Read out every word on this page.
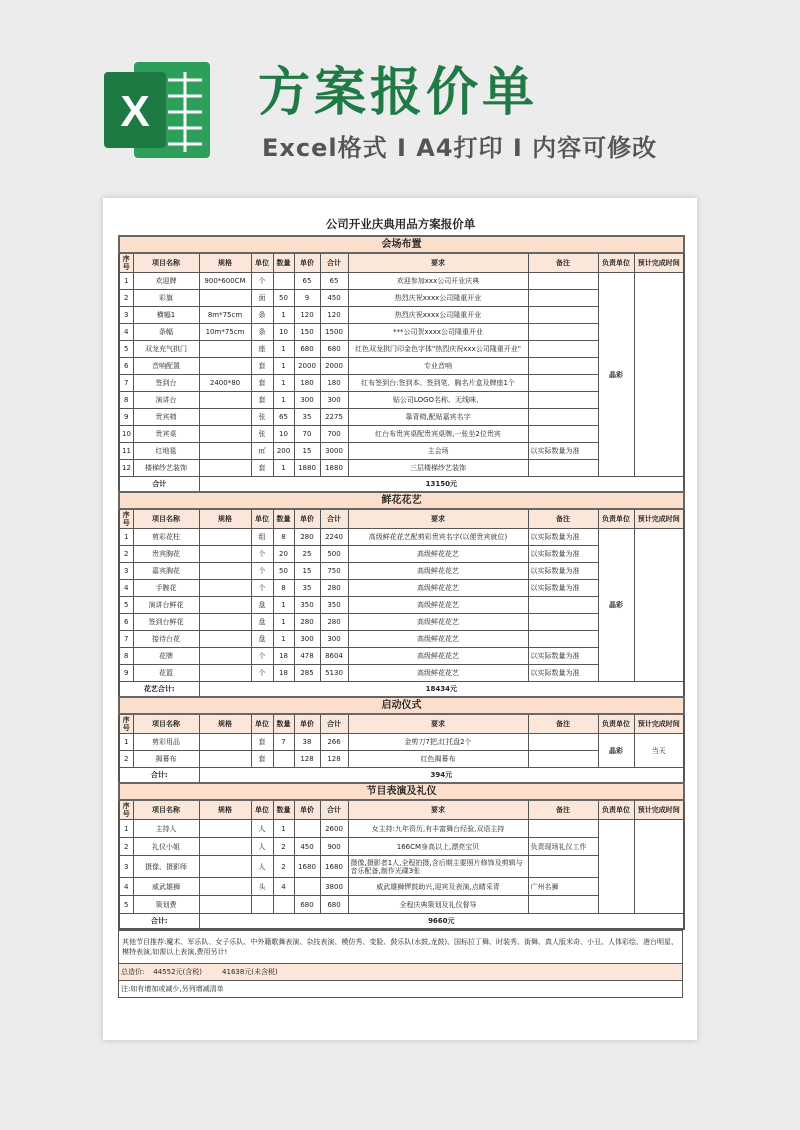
X 方案报价单
Excel格式 Ⅰ A4打印 Ⅰ 内容可修改
公司开业庆典用品方案报价单
会场布置										
序号	项目名称	规格	单位	数量	单价	合计	要求	备注	负责单位	预计完成时间
1	欢迎牌	900*600CM	个		65	65	欢迎参加xxx公司开业庆典		晶彩	
2	彩旗		面	50	9	450	热烈庆祝xxxx公司隆重开业			
3	横幅1	8m*75cm	条	1	120	120	热烈庆祝xxxx公司隆重开业			
4	条幅	10m*75cm	条	10	150	1500	***公司贺xxxx公司隆重开业			
5	双龙充气拱门		座	1	680	680	红色双龙拱门印金色字体"热烈庆祝xxx公司隆重开业"			
6	音响配置		套	1	2000	2000	专业音响			
7	签到台	2400*80	套	1	180	180	红布签到台:签到本、签到笔、胸名片盒及牌座1个			
8	演讲台		套	1	300	300	贴公司LOGO名称、无线咪、			
9	贵宾椅		张	65	35	2275	靠背椅,配贴嘉宾名字			
10	贵宾桌		张	10	70	700	红台布贵宾桌配贵宾桌牌,一张坐2位贵宾			
11	红地毯		㎡	200	15	3000	主会场	以实际数量为准		
12	楼梯纱艺装饰		套	1	1880	1880	三层楼梯纱艺装饰			
合计		13150元								
鲜花花艺										
序号	项目名称	规格	单位	数量	单价	合计	要求	备注	负责单位	预计完成时间
1	剪彩花柱		组	8	280	2240	高级鲜花花艺配剪彩贵宾名字(以便贵宾就位)	以实际数量为准	晶彩	
2	贵宾胸花		个	20	25	500	高级鲜花花艺	以实际数量为准		
3	嘉宾胸花		个	50	15	750	高级鲜花花艺	以实际数量为准		
4	手腕花		个	8	35	280	高级鲜花花艺	以实际数量为准		
5	演讲台鲜花		盘	1	350	350	高级鲜花花艺			
6	签到台鲜花		盘	1	280	280	高级鲜花花艺			
7	接待台花		盘	1	300	300	高级鲜花花艺			
8	花牌		个	18	478	8604	高级鲜花花艺	以实际数量为准		
9	花篮		个	18	285	5130	高级鲜花花艺	以实际数量为准		
花艺合计:		18434元								
启动仪式										
序号	项目名称	规格	单位	数量	单价	合计	要求	备注	负责单位	预计完成时间
1	剪彩用品		套	7	38	266	金剪刀7把,红托盘2个		晶彩	当天
2	揭幕布		套		128	128	红色揭幕布			
合计:		394元								
节目表演及礼仪										
序号	项目名称	规格	单位	数量	单价	合计	要求	备注	负责单位	预计完成时间
1	主持人		人	1		2600	女主持:九年资历,有丰富舞台经验,双语主持			
2	礼仪小姐		人	2	450	900	166CM身高以上,漂亮宝贝	负责现场礼仪工作		
3	摄像、摄影师		人	2	1680	1680	摄像,摄影者1人,全程拍摄,含后期主要照片修饰及剪辑与音乐配备,制作光碟3张			
4	威武雄狮		头	4		3800	威武雄狮锣鼓助兴,迎宾及表演,点睛采青	广州名狮		
5	策划费				680	680	全程庆典策划及礼仪督导			
合计:		9660元								
其他节目推荐:魔术、军乐队、女子乐队、中外籍歌舞表演、杂技表演、模仿秀、变脸、鼓乐队(水鼓,龙鼓)、国标拉丁舞、时装秀、街舞、真人版米奇、小丑、人体彩绘、港台明星、模特表演,如需以上表演,费用另计!
总造价: 44552元(含税)	41638元(未含税)
注:如有增加或减少,另列增减清单
